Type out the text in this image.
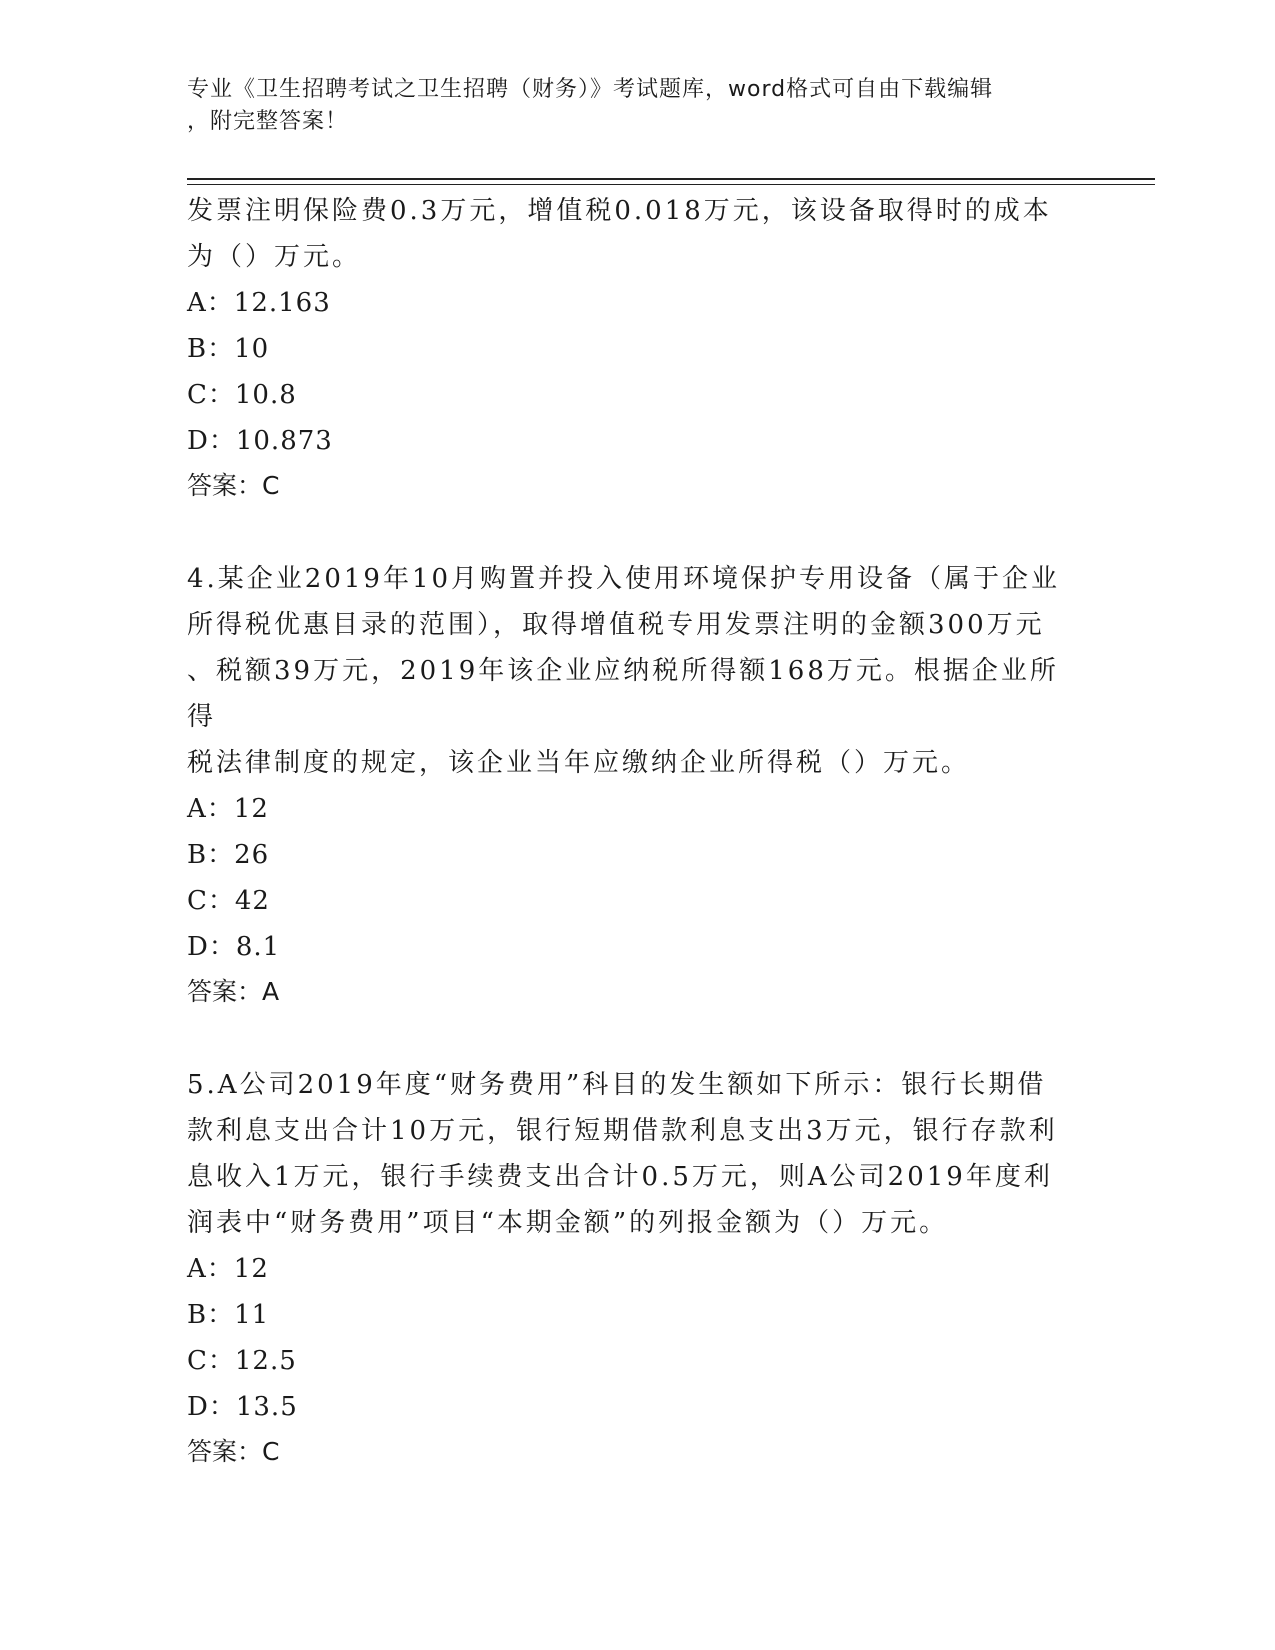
专业《卫生招聘考试之卫生招聘（财务）》考试题库，word格式可自由下载编辑
，附完整答案！

发票注明保险费0.3万元，增值税0.018万元，该设备取得时的成本
为（）万元。

A：12.163

B：10

C：10.8

D：10.873

答案：C

4.某企业2019年10月购置并投入使用环境保护专用设备（属于企业
所得税优惠目录的范围），取得增值税专用发票注明的金额300万元
、税额39万元，2019年该企业应纳税所得额168万元。根据企业所得
税法律制度的规定，该企业当年应缴纳企业所得税（）万元。

A：12

B：26

C：42

D：8.1

答案：A

5.A公司2019年度“财务费用”科目的发生额如下所示：银行长期借
款利息支出合计10万元，银行短期借款利息支出3万元，银行存款利
息收入1万元，银行手续费支出合计0.5万元，则A公司2019年度利
润表中“财务费用”项目“本期金额”的列报金额为（）万元。

A：12

B：11

C：12.5

D：13.5

答案：C
